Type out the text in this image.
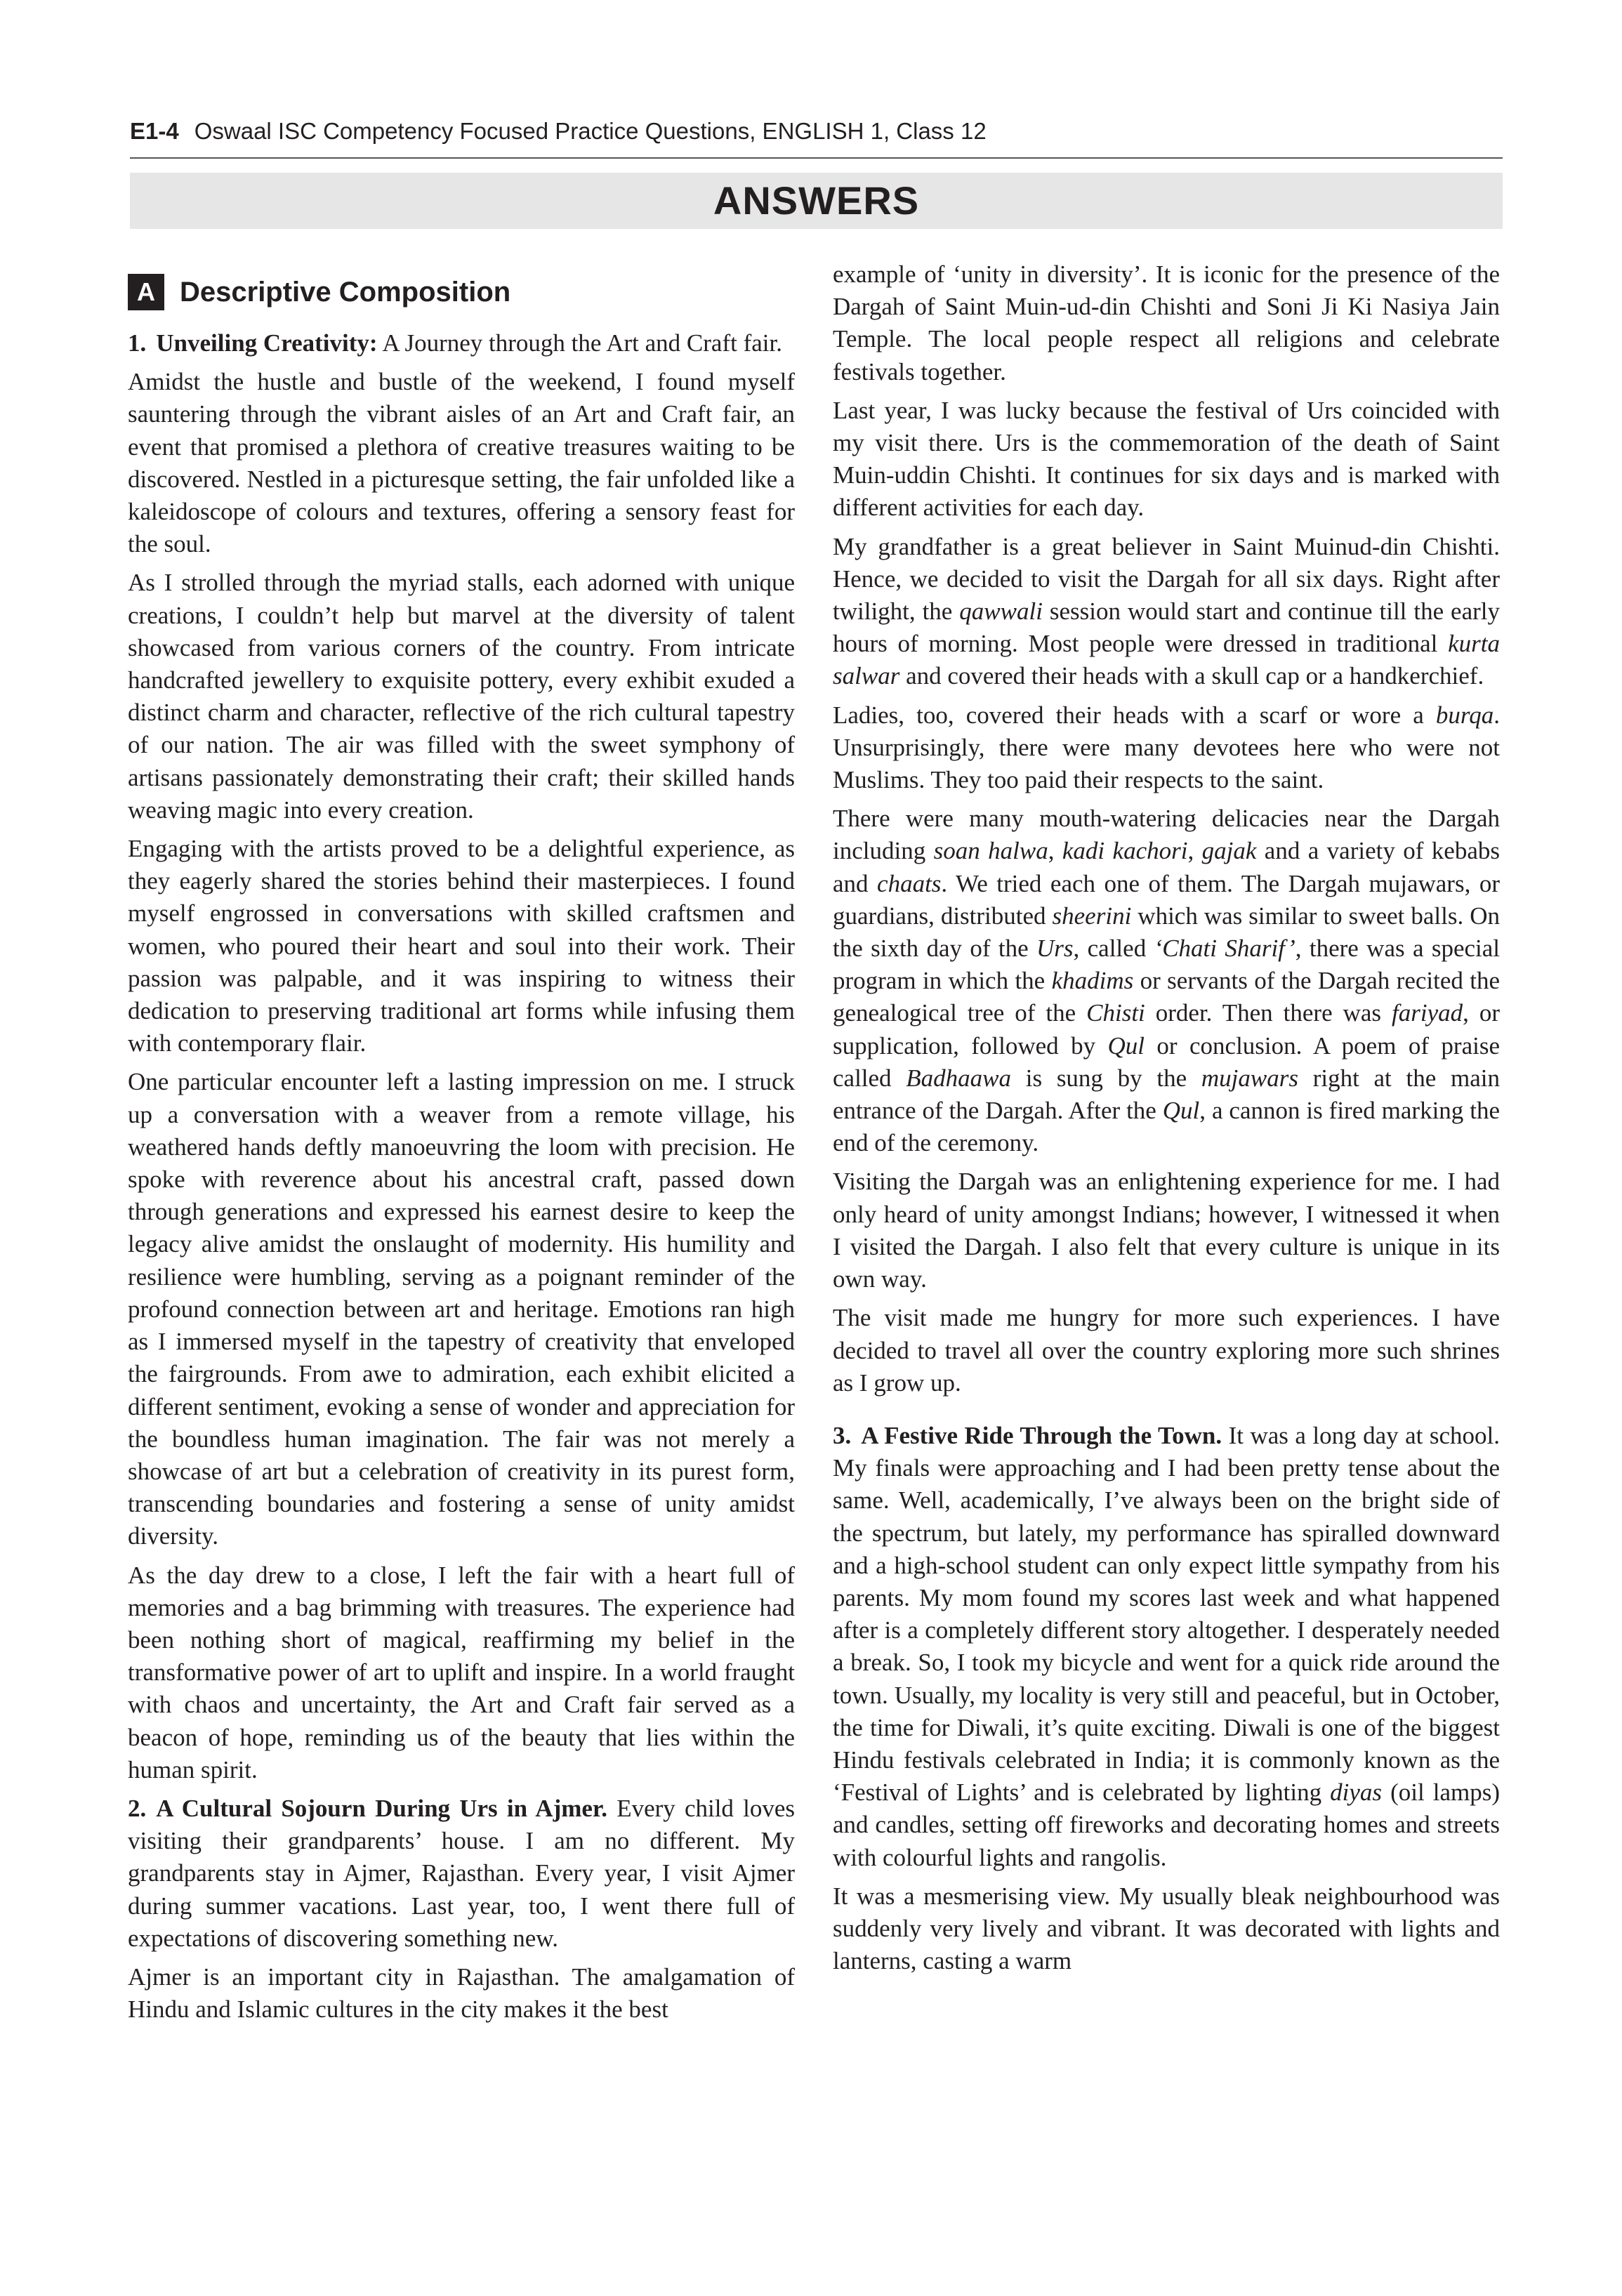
E1-4 Oswaal ISC Competency Focused Practice Questions, ENGLISH 1, Class 12
ANSWERS
A Descriptive Composition

1. Unveiling Creativity: A Journey through the Art and Craft fair.

Amidst the hustle and bustle of the weekend, I found myself sauntering through the vibrant aisles of an Art and Craft fair, an event that promised a plethora of creative treasures waiting to be discovered. Nestled in a picturesque setting, the fair unfolded like a kaleidoscope of colours and textures, offering a sensory feast for the soul.

As I strolled through the myriad stalls, each adorned with unique creations, I couldn’t help but marvel at the diversity of talent showcased from various corners of the country. From intricate handcrafted jewellery to exquisite pottery, every exhibit exuded a distinct charm and character, reflective of the rich cultural tapestry of our nation. The air was filled with the sweet symphony of artisans passionately demonstrating their craft; their skilled hands weaving magic into every creation.

Engaging with the artists proved to be a delightful experience, as they eagerly shared the stories behind their masterpieces. I found myself engrossed in conversations with skilled craftsmen and women, who poured their heart and soul into their work. Their passion was palpable, and it was inspiring to witness their dedication to preserving traditional art forms while infusing them with contemporary flair.

One particular encounter left a lasting impression on me. I struck up a conversation with a weaver from a remote village, his weathered hands deftly manoeuvring the loom with precision. He spoke with reverence about his ancestral craft, passed down through generations and expressed his earnest desire to keep the legacy alive amidst the onslaught of modernity. His humility and resilience were humbling, serving as a poignant reminder of the profound connection between art and heritage. Emotions ran high as I immersed myself in the tapestry of creativity that enveloped the fairgrounds. From awe to admiration, each exhibit elicited a different sentiment, evoking a sense of wonder and appreciation for the boundless human imagination. The fair was not merely a showcase of art but a celebration of creativity in its purest form, transcending boundaries and fostering a sense of unity amidst diversity.

As the day drew to a close, I left the fair with a heart full of memories and a bag brimming with treasures. The experience had been nothing short of magical, reaffirming my belief in the transformative power of art to uplift and inspire. In a world fraught with chaos and uncertainty, the Art and Craft fair served as a beacon of hope, reminding us of the beauty that lies within the human spirit.

2. A Cultural Sojourn During Urs in Ajmer. Every child loves visiting their grandparents’ house. I am no different. My grandparents stay in Ajmer, Rajasthan. Every year, I visit Ajmer during summer vacations. Last year, too, I went there full of expectations of discovering something new.

Ajmer is an important city in Rajasthan. The amalgamation of Hindu and Islamic cultures in the city makes it the best

example of ‘unity in diversity’. It is iconic for the presence of the Dargah of Saint Muin-ud-din Chishti and Soni Ji Ki Nasiya Jain Temple. The local people respect all religions and celebrate festivals together.

Last year, I was lucky because the festival of Urs coincided with my visit there. Urs is the commemoration of the death of Saint Muin-uddin Chishti. It continues for six days and is marked with different activities for each day.

My grandfather is a great believer in Saint Muinud-din Chishti. Hence, we decided to visit the Dargah for all six days. Right after twilight, the qawwali session would start and continue till the early hours of morning. Most people were dressed in traditional kurta salwar and covered their heads with a skull cap or a handkerchief.

Ladies, too, covered their heads with a scarf or wore a burqa. Unsurprisingly, there were many devotees here who were not Muslims. They too paid their respects to the saint.

There were many mouth-watering delicacies near the Dargah including soan halwa, kadi kachori, gajak and a variety of kebabs and chaats. We tried each one of them. The Dargah mujawars, or guardians, distributed sheerini which was similar to sweet balls. On the sixth day of the Urs, called ‘Chati Sharif’, there was a special program in which the khadims or servants of the Dargah recited the genealogical tree of the Chisti order. Then there was fariyad, or supplication, followed by Qul or conclusion. A poem of praise called Badhaawa is sung by the mujawars right at the main entrance of the Dargah. After the Qul, a cannon is fired marking the end of the ceremony.

Visiting the Dargah was an enlightening experience for me. I had only heard of unity amongst Indians; however, I witnessed it when I visited the Dargah. I also felt that every culture is unique in its own way.

The visit made me hungry for more such experiences. I have decided to travel all over the country exploring more such shrines as I grow up.

3. A Festive Ride Through the Town. It was a long day at school. My finals were approaching and I had been pretty tense about the same. Well, academically, I’ve always been on the bright side of the spectrum, but lately, my performance has spiralled downward and a high-school student can only expect little sympathy from his parents. My mom found my scores last week and what happened after is a completely different story altogether. I desperately needed a break. So, I took my bicycle and went for a quick ride around the town. Usually, my locality is very still and peaceful, but in October, the time for Diwali, it’s quite exciting. Diwali is one of the biggest Hindu festivals celebrated in India; it is commonly known as the ‘Festival of Lights’ and is celebrated by lighting diyas (oil lamps) and candles, setting off fireworks and decorating homes and streets with colourful lights and rangolis.

It was a mesmerising view. My usually bleak neighbourhood was suddenly very lively and vibrant. It was decorated with lights and lanterns, casting a warm
